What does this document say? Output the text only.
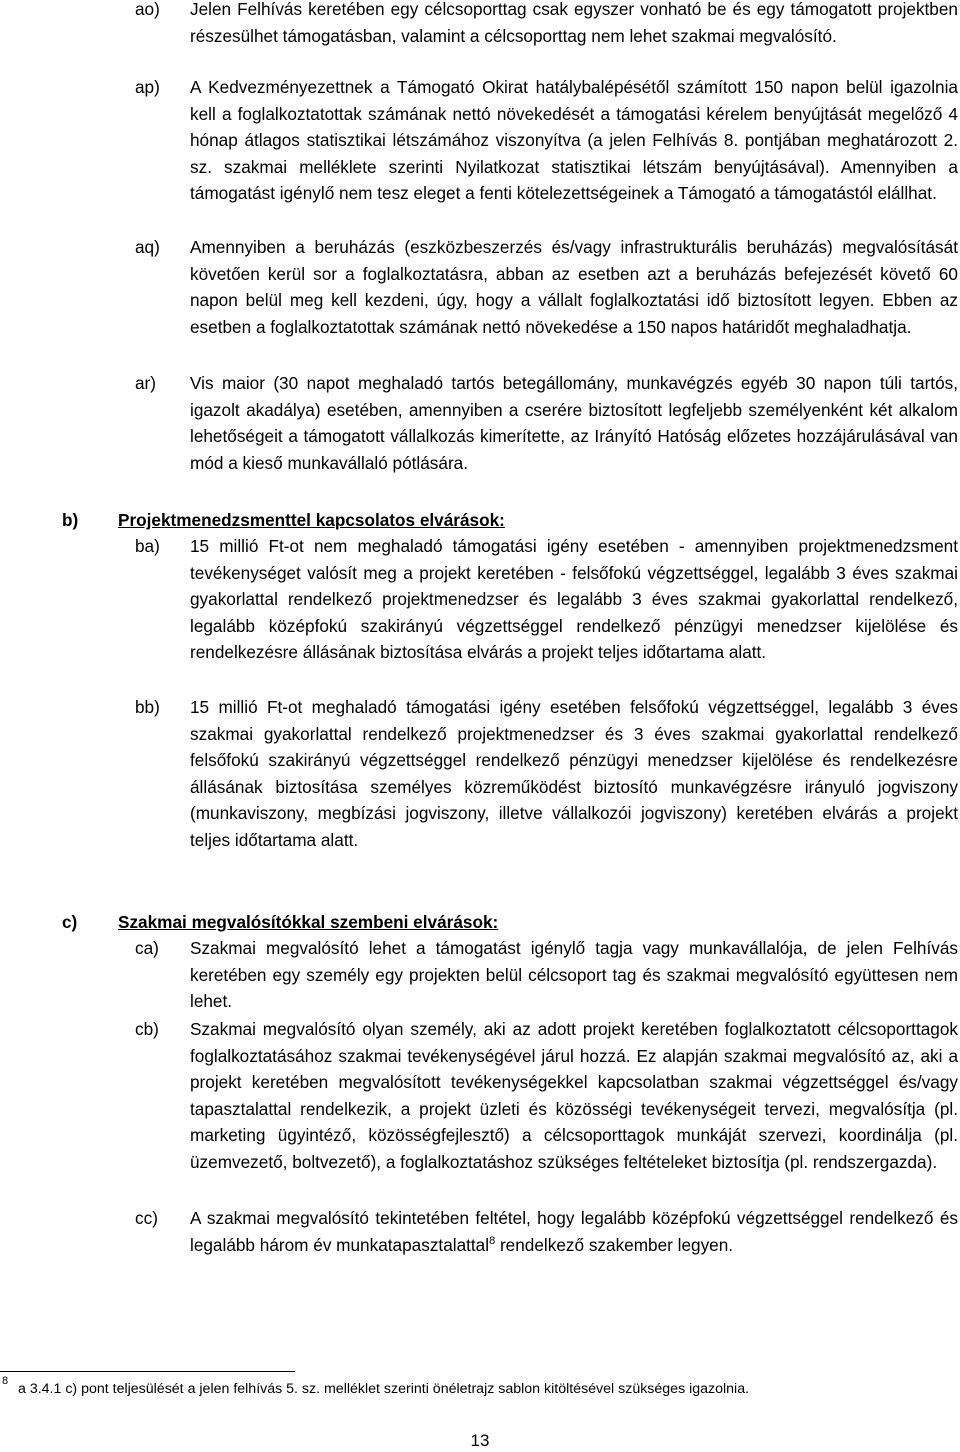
ao) Jelen Felhívás keretében egy célcsoporttag csak egyszer vonható be és egy támogatott projektben részesülhet támogatásban, valamint a célcsoporttag nem lehet szakmai megvalósító.
ap) A Kedvezményezettnek a Támogató Okirat hatálybalépésétől számított 150 napon belül igazolnia kell a foglalkoztatottak számának nettó növekedését a támogatási kérelem benyújtását megelőző 4 hónap átlagos statisztikai létszámához viszonyítva (a jelen Felhívás 8. pontjában meghatározott 2. sz. szakmai melléklete szerinti Nyilatkozat statisztikai létszám benyújtásával). Amennyiben a támogatást igénylő nem tesz eleget a fenti kötelezettségeinek a Támogató a támogatástól elállhat.
aq) Amennyiben a beruházás (eszközbeszerzés és/vagy infrastrukturális beruházás) megvalósítását követően kerül sor a foglalkoztatásra, abban az esetben azt a beruházás befejezését követő 60 napon belül meg kell kezdeni, úgy, hogy a vállalt foglalkoztatási idő biztosított legyen. Ebben az esetben a foglalkoztatottak számának nettó növekedése a 150 napos határidőt meghaladhatja.
ar) Vis maior (30 napot meghaladó tartós betegállomány, munkavégzés egyéb 30 napon túli tartós, igazolt akadálya) esetében, amennyiben a cserére biztosított legfeljebb személyenként két alkalom lehetőségeit a támogatott vállalkozás kimerítette, az Irányító Hatóság előzetes hozzájárulásával van mód a kieső munkavállaló pótlására.
b) Projektmenedzsmenttel kapcsolatos elvárások:
ba) 15 millió Ft-ot nem meghaladó támogatási igény esetében - amennyiben projektmenedzsment tevékenységet valósít meg a projekt keretében - felsőfokú végzettséggel, legalább 3 éves szakmai gyakorlattal rendelkező projektmenedzser és legalább 3 éves szakmai gyakorlattal rendelkező, legalább középfokú szakirányú végzettséggel rendelkező pénzügyi menedzser kijelölése és rendelkezésre állásának biztosítása elvárás a projekt teljes időtartama alatt.
bb) 15 millió Ft-ot meghaladó támogatási igény esetében felsőfokú végzettséggel, legalább 3 éves szakmai gyakorlattal rendelkező projektmenedzser és 3 éves szakmai gyakorlattal rendelkező felsőfokú szakirányú végzettséggel rendelkező pénzügyi menedzser kijelölése és rendelkezésre állásának biztosítása személyes közreműködést biztosító munkavégzésre irányuló jogviszony (munkaviszony, megbízási jogviszony, illetve vállalkozói jogviszony) keretében elvárás a projekt teljes időtartama alatt.
c) Szakmai megvalósítókkal szembeni elvárások:
ca) Szakmai megvalósító lehet a támogatást igénylő tagja vagy munkavállalója, de jelen Felhívás keretében egy személy egy projekten belül célcsoport tag és szakmai megvalósító együttesen nem lehet.
cb) Szakmai megvalósító olyan személy, aki az adott projekt keretében foglalkoztatott célcsoporttagok foglalkoztatásához szakmai tevékenységével járul hozzá. Ez alapján szakmai megvalósító az, aki a projekt keretében megvalósított tevékenységekkel kapcsolatban szakmai végzettséggel és/vagy tapasztalattal rendelkezik, a projekt üzleti és közösségi tevékenységeit tervezi, megvalósítja (pl. marketing ügyintéző, közösségfejlesztő) a célcsoporttagok munkáját szervezi, koordinálja (pl. üzemvezető, boltvezető), a foglalkoztatáshoz szükséges feltételeket biztosítja (pl. rendszergazda).
cc) A szakmai megvalósító tekintetében feltétel, hogy legalább középfokú végzettséggel rendelkező és legalább három év munkatapasztalattal$^8$ rendelkező szakember legyen.
8 a 3.4.1 c) pont teljesülését a jelen felhívás 5. sz. melléklet szerinti önéletrajz sablon kitöltésével szükséges igazolnia.
13
